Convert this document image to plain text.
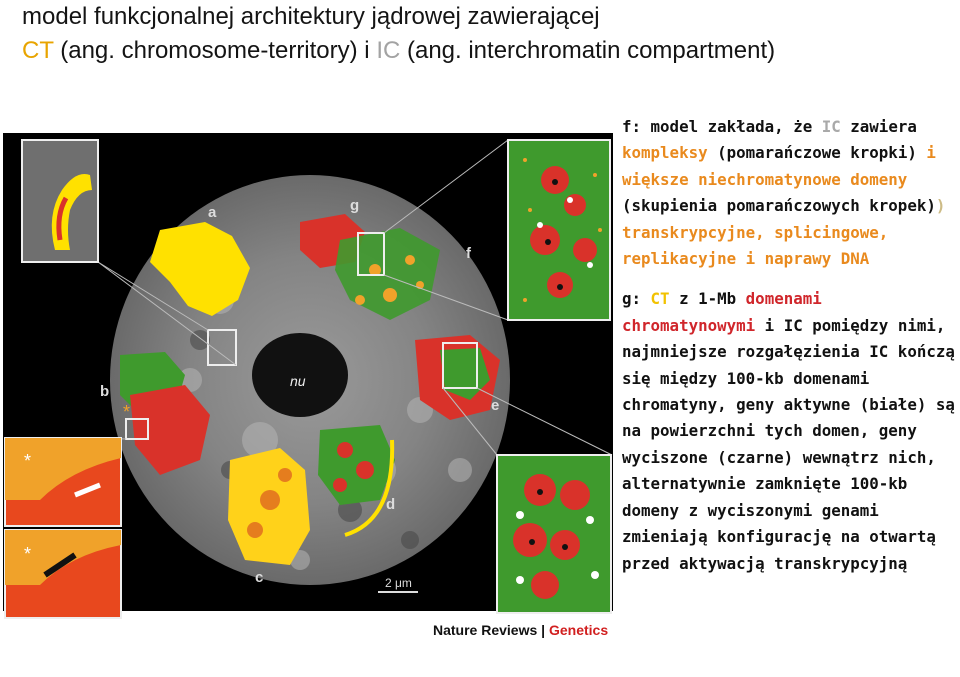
model funkcjonalnej architektury jądrowej zawierającej
CT (ang. chromosome-territory) i IC (ang. interchromatin compartment)
nu
a	g
f
e
b
*
c
d
2 μm
*
*
Nature Reviews | Genetics

f: model zakłada, że IC zawiera kompleksy (pomarańczowe kropki) i większe niechromatynowe domeny (skupienia pomarańczowych kropek)) transkrypcyjne, splicingowe, replikacyjne i naprawy DNA

g: CT z 1-Mb domenami chromatynowymi i IC pomiędzy nimi, najmniejsze rozgałęzienia IC kończą się między 100-kb domenami chromatyny, geny aktywne (białe) są na powierzchni tych domen, geny wyciszone (czarne) wewnątrz nich, alternatywnie zamknięte 100-kb domeny z wyciszonymi genami zmieniają konfigurację na otwartą przed aktywacją transkrypcyjną
